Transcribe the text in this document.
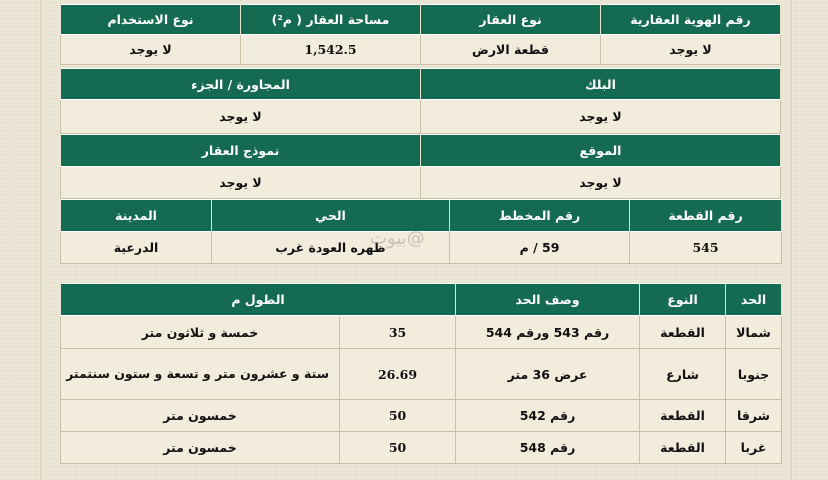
رقم الهوية العقارية	نوع العقار	مساحة العقار ( م²)	نوع الاستخدام
لا يوجد	قطعة الارض	1,542.5	لا يوجد
البلك	المجاورة / الجزء
لا يوجد	لا يوجد
الموقع	نموذج العقار
لا يوجد	لا يوجد
رقم القطعة	رقم المخطط	الحي	المدينة
545	59 / م	ظهره العودة غرب	الدرعية	بيوت@
الحد	النوع	وصف الحد	الطول م	
شمالا	القطعة	رقم 543 ورقم 544	35	خمسة و ثلاثون متر
جنوبا	شارع	عرض 36 متر	26.69	ستة و عشرون متر و تسعة و ستون سنتمتر
شرقا	القطعة	رقم 542	50	خمسون متر
غربا	القطعة	رقم 548	50	خمسون متر
